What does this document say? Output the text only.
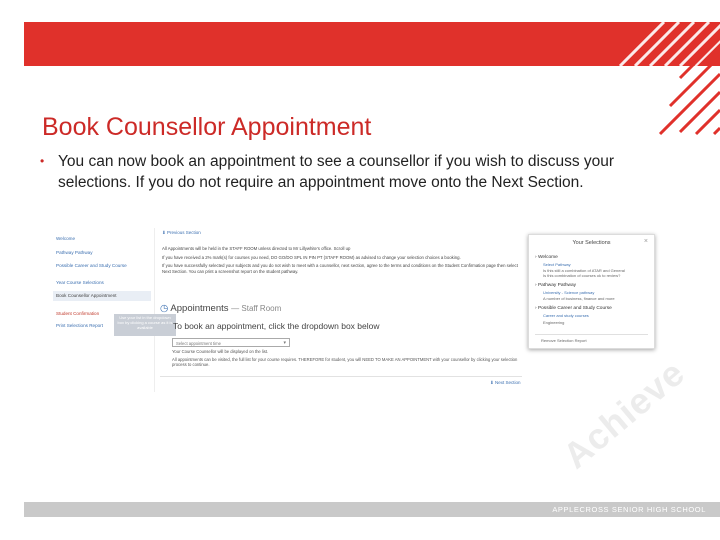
Book Counsellor Appointment
• You can now book an appointment to see a counsellor if you wish to discuss your selections. If you do not require an appointment move onto the Next Section.
Welcome
Pathway Pathway
Possible Career and Study Course
Year Course Selections
Book Counsellor Appointment
Student Confirmation
Print Selections Report
⬇ Previous Section

All Appointments will be held in the STAFF ROOM unless directed to Mr Lillywhite's office. Scroll up

If you have received a 2% mark(s) for courses you need, DO GO/DO SPL IN PIN PT (STAFF ROOM) as advised to change your selection choices a booking.

If you have successfully selected your subjects and you do not wish to meet with a counsellor, next section, agree to the terms and conditions on the Student Confirmation page then select Next Section. You can print a screenshot report on the student pathway.

◷ Appointments — Staff Room
Use your list in the dropdown box by clicking a course as it is available	To book an appointment, click the dropdown box below
Select appointment time	▾
Your Course Counsellor will be displayed on the list.
All appointments can be visited, the full list for your course requires. THEREFORE for student, you will NEED TO MAKE AN APPOINTMENT with your counsellor by clicking your selection process to continue.
⬇ Next Section
Your Selections	×
› Welcome
Select Pathway
Is this still a combination of ATAR and General
Is this combination of courses ok to review?
› Pathway Pathway
University - Science pathway
A number of business, finance and more
› Possible Career and Study Course
Career and study courses
Engineering
Remove Selection Report
Achieve
APPLECROSS SENIOR HIGH SCHOOL
